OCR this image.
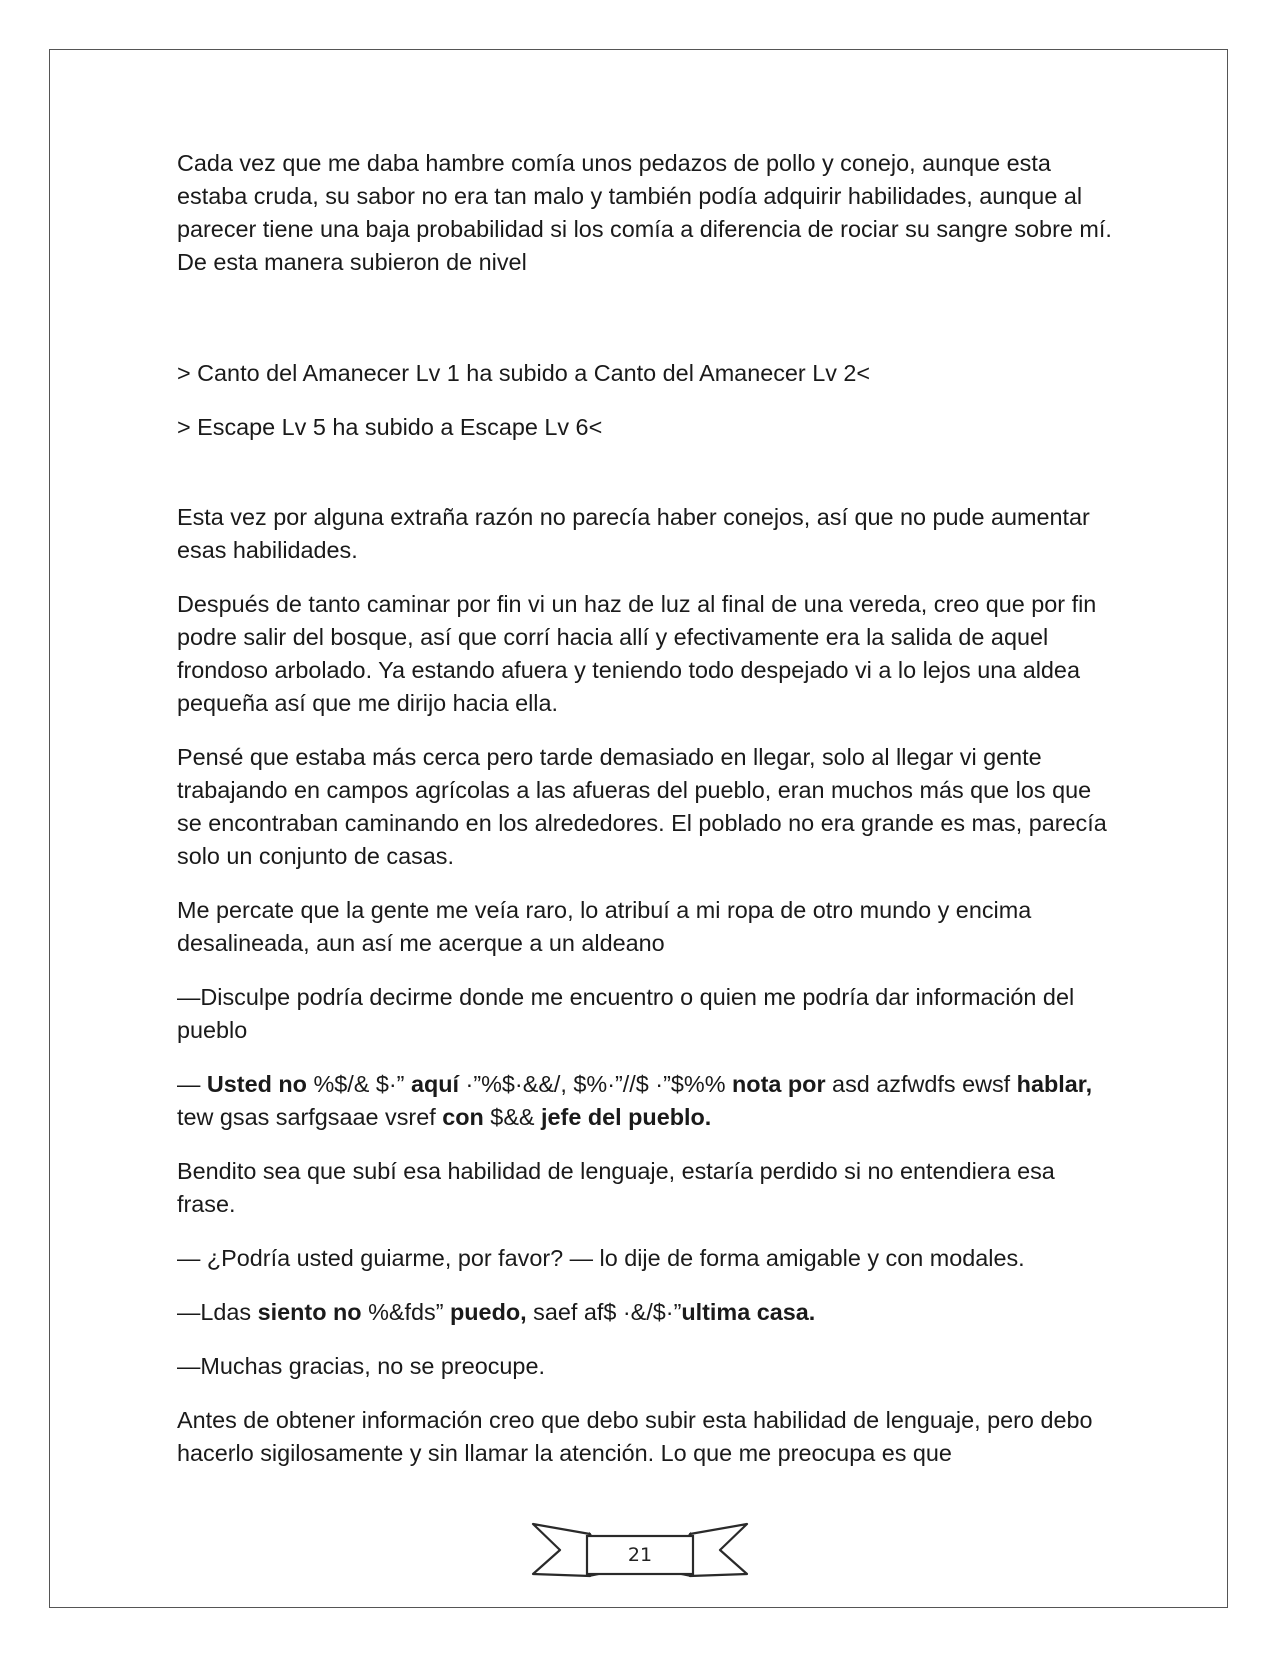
Cada vez que me daba hambre comía unos pedazos de pollo y conejo, aunque esta estaba cruda, su sabor no era tan malo y también podía adquirir habilidades, aunque al parecer tiene una baja probabilidad si los comía a diferencia de rociar su sangre sobre mí. De esta manera subieron de nivel

> Canto del Amanecer Lv 1 ha subido a Canto del Amanecer Lv 2<

> Escape Lv 5 ha subido a Escape Lv 6<

Esta vez por alguna extraña razón no parecía haber conejos, así que no pude aumentar esas habilidades.

Después de tanto caminar por fin vi un haz de luz al final de una vereda, creo que por fin podre salir del bosque, así que corrí hacia allí y efectivamente era la salida de aquel frondoso arbolado. Ya estando afuera y teniendo todo despejado vi a lo lejos una aldea pequeña así que me dirijo hacia ella.

Pensé que estaba más cerca pero tarde demasiado en llegar, solo al llegar vi gente trabajando en campos agrícolas a las afueras del pueblo, eran muchos más que los que se encontraban caminando en los alrededores. El poblado no era grande es mas, parecía solo un conjunto de casas.

Me percate que la gente me veía raro, lo atribuí a mi ropa de otro mundo y encima desalineada, aun así me acerque a un aldeano

—Disculpe podría decirme donde me encuentro o quien me podría dar información del pueblo

— Usted no %$/& $·” aquí ·”%$·&&/, $%·”//$ ·”$%% nota por asd azfwdfs ewsf hablar, tew gsas sarfgsaae vsref con $&& jefe del pueblo.

Bendito sea que subí esa habilidad de lenguaje, estaría perdido si no entendiera esa frase.

— ¿Podría usted guiarme, por favor? — lo dije de forma amigable y con modales.

—Ldas siento no %&fds” puedo, saef af$ ·&/$·”ultima casa.

—Muchas gracias, no se preocupe.

Antes de obtener información creo que debo subir esta habilidad de lenguaje, pero debo hacerlo sigilosamente y sin llamar la atención. Lo que me preocupa es que

21
